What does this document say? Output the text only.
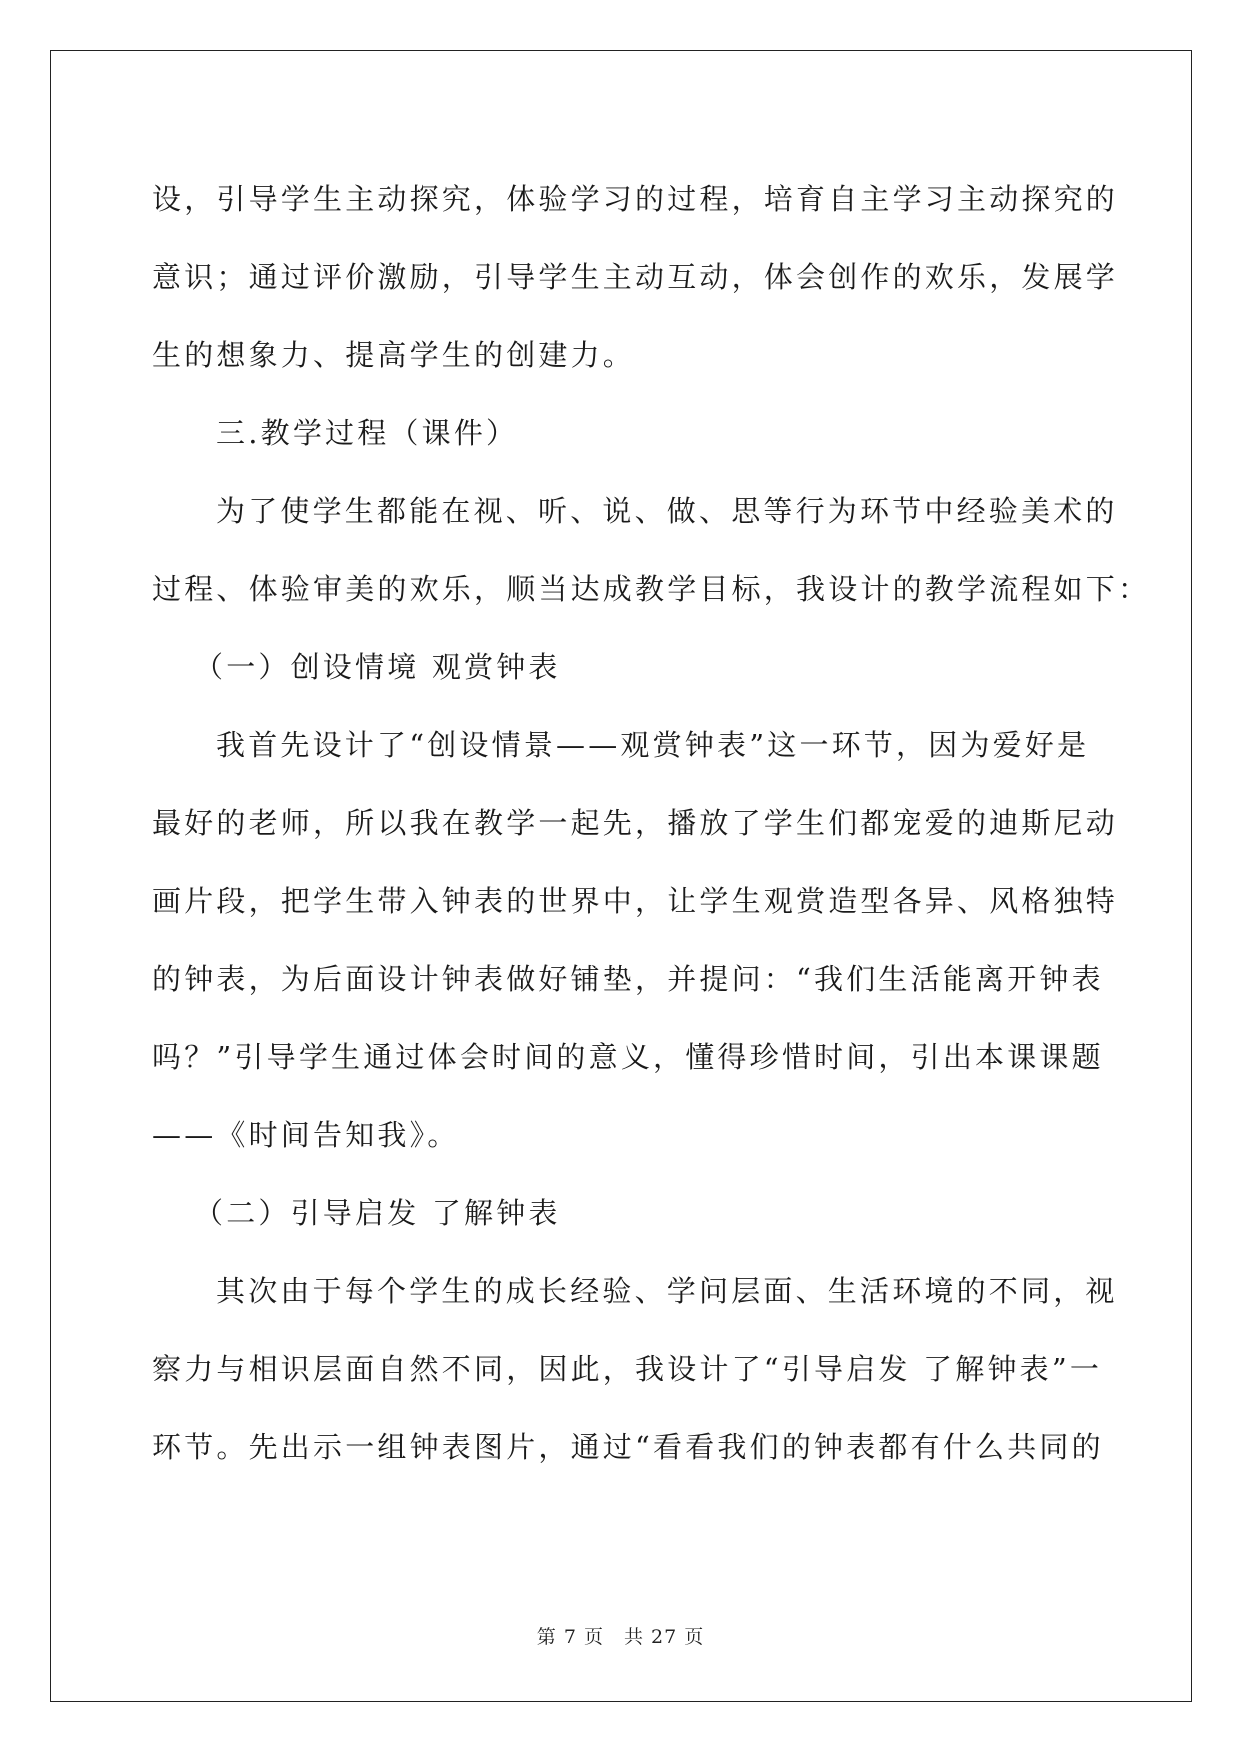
设，引导学生主动探究，体验学习的过程，培育自主学习主动探究的
意识；通过评价激励，引导学生主动互动，体会创作的欢乐，发展学
生的想象力、提高学生的创建力。
三.教学过程（课件）
为了使学生都能在视、听、说、做、思等行为环节中经验美术的
过程、体验审美的欢乐，顺当达成教学目标，我设计的教学流程如下：
（一）创设情境 观赏钟表
我首先设计了“创设情景——观赏钟表”这一环节，因为爱好是
最好的老师，所以我在教学一起先，播放了学生们都宠爱的迪斯尼动
画片段，把学生带入钟表的世界中，让学生观赏造型各异、风格独特
的钟表，为后面设计钟表做好铺垫，并提问：“我们生活能离开钟表
吗？”引导学生通过体会时间的意义，懂得珍惜时间，引出本课课题
——《时间告知我》。
（二）引导启发 了解钟表
其次由于每个学生的成长经验、学问层面、生活环境的不同，视
察力与相识层面自然不同，因此，我设计了“引导启发 了解钟表”一
环节。先出示一组钟表图片，通过“看看我们的钟表都有什么共同的
第 7 页　共 27 页
